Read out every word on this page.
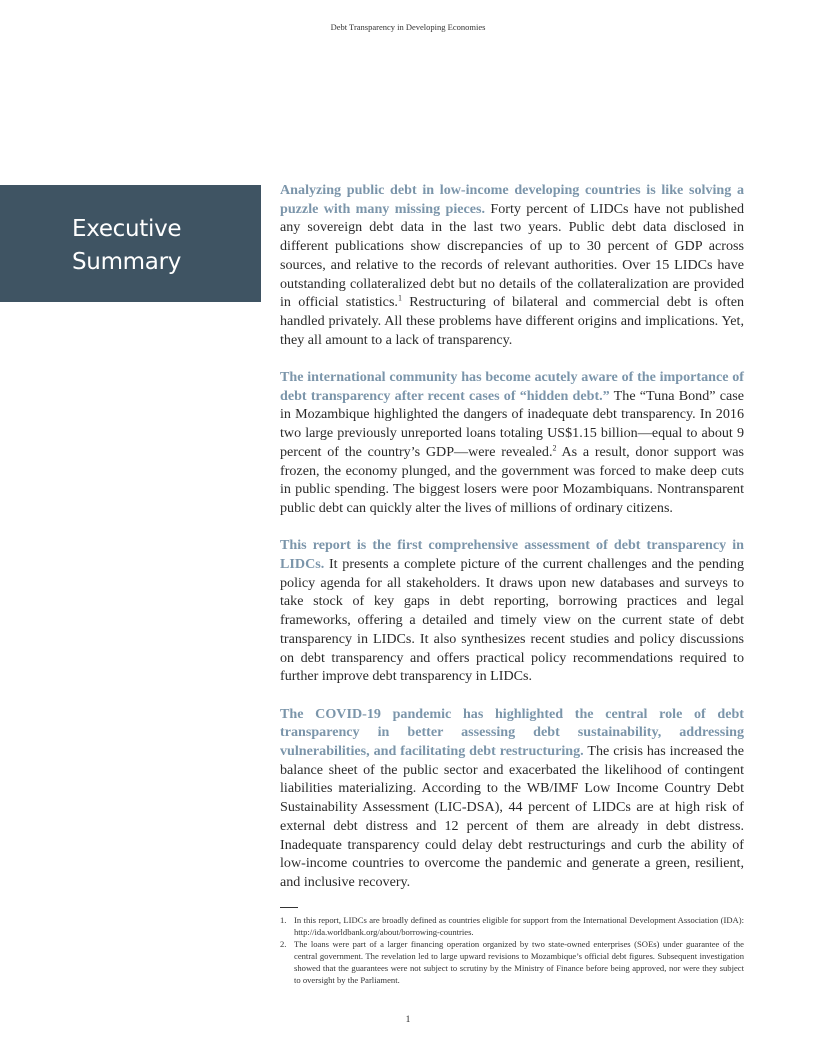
Debt Transparency in Developing Economies
Executive
Summary

Analyzing public debt in low-income developing countries is like solving a puzzle with many missing pieces. Forty percent of LIDCs have not published any sovereign debt data in the last two years. Public debt data disclosed in different publications show discrepancies of up to 30 percent of GDP across sources, and relative to the records of relevant authorities. Over 15 LIDCs have outstanding collateralized debt but no details of the collateralization are provided in official statistics.$^1$ Restructuring of bilateral and commercial debt is often handled privately. All these problems have different origins and implications. Yet, they all amount to a lack of transparency.

The international community has become acutely aware of the importance of debt transparency after recent cases of “hidden debt.” The “Tuna Bond” case in Mozambique highlighted the dangers of inadequate debt transparency. In 2016 two large previously unreported loans totaling US$1.15 billion—equal to about 9 percent of the country’s GDP—were revealed.$^2$ As a result, donor support was frozen, the economy plunged, and the government was forced to make deep cuts in public spending. The biggest losers were poor Mozambiquans. Nontransparent public debt can quickly alter the lives of millions of ordinary citizens.

This report is the first comprehensive assessment of debt transparency in LIDCs. It presents a complete picture of the current challenges and the pending policy agenda for all stakeholders. It draws upon new databases and surveys to take stock of key gaps in debt reporting, borrowing practices and legal frameworks, offering a detailed and timely view on the current state of debt transparency in LIDCs. It also synthesizes recent studies and policy discussions on debt transparency and offers practical policy recommendations required to further improve debt transparency in LIDCs.

The COVID-19 pandemic has highlighted the central role of debt transparency in better assessing debt sustainability, addressing vulnerabilities, and facilitating debt restructuring. The crisis has increased the balance sheet of the public sector and exacerbated the likelihood of contingent liabilities materializing. According to the WB/IMF Low Income Country Debt Sustainability Assessment (LIC-DSA), 44 percent of LIDCs are at high risk of external debt distress and 12 percent of them are already in debt distress. Inadequate transparency could delay debt restructurings and curb the ability of low-income countries to overcome the pandemic and generate a green, resilient, and inclusive recovery.

1. In this report, LIDCs are broadly defined as countries eligible for support from the International Development Association (IDA): http://ida.worldbank.org/about/borrowing-countries.
2. The loans were part of a larger financing operation organized by two state-owned enterprises (SOEs) under guarantee of the central government. The revelation led to large upward revisions to Mozambique’s official debt figures. Subsequent investigation showed that the guarantees were not subject to scrutiny by the Ministry of Finance before being approved, nor were they subject to oversight by the Parliament.
1
